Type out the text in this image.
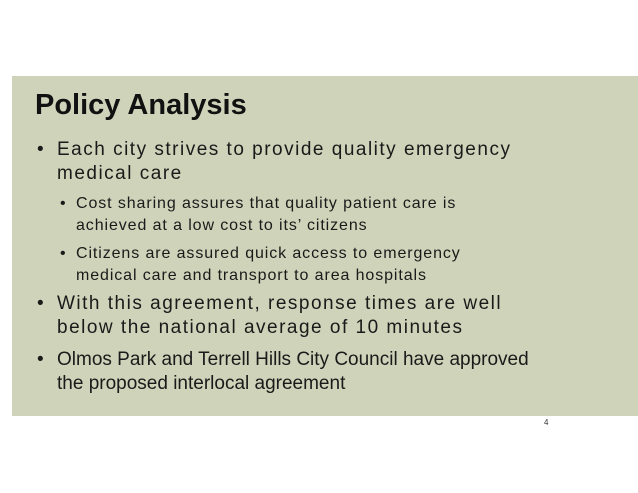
Policy Analysis
• Each city strives to provide quality emergency
medical care
• Cost sharing assures that quality patient care is
achieved at a low cost to its’ citizens
• Citizens are assured quick access to emergency
medical care and transport to area hospitals
• With this agreement, response times are well
below the national average of 10 minutes
• Olmos Park and Terrell Hills City Council have approved
the proposed interlocal agreement
4
